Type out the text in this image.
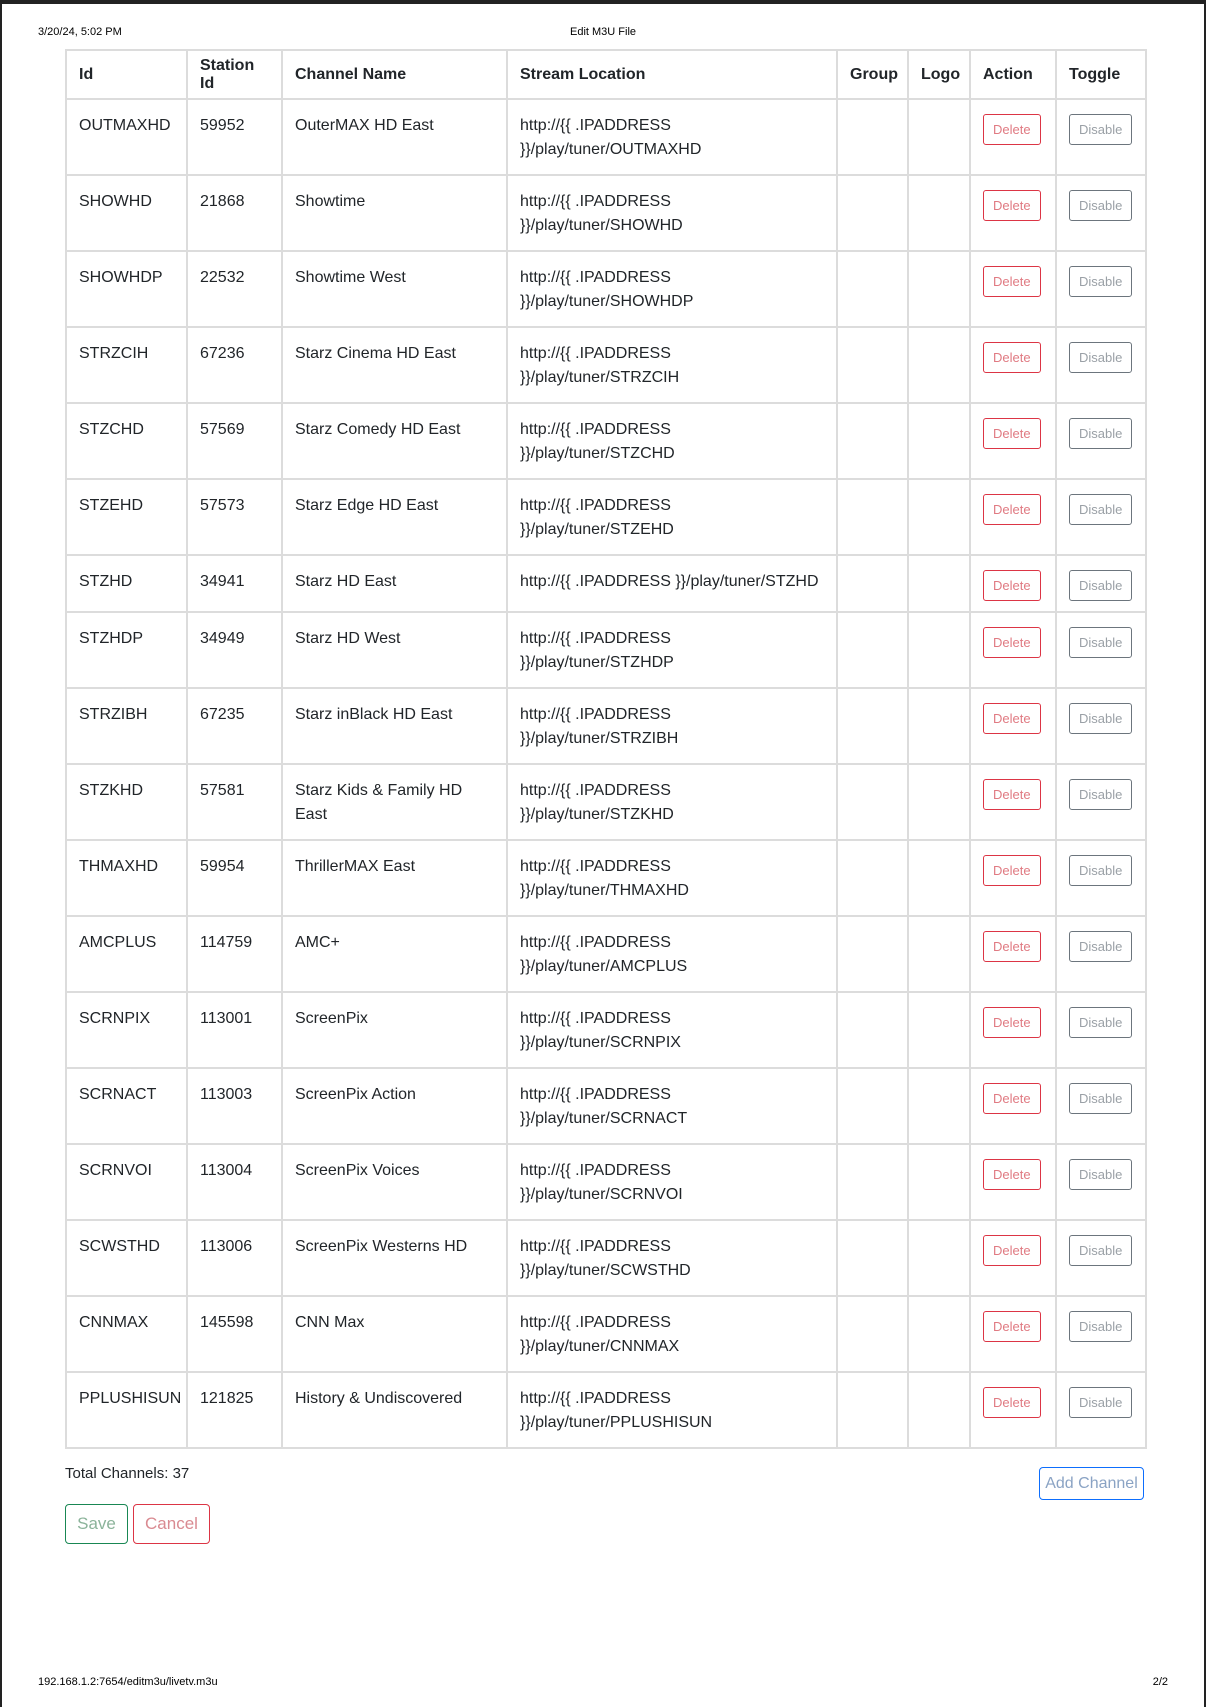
3/20/24, 5:02 PM	Edit M3U File
Id	Station Id	Channel Name	Stream Location	Group	Logo	Action	Toggle
OUTMAXHD	59952	OuterMAX HD East	http://{{ .IPADDRESS }}/play/tuner/OUTMAXHD			Delete	Disable
SHOWHD	21868	Showtime	http://{{ .IPADDRESS }}/play/tuner/SHOWHD			Delete	Disable
SHOWHDP	22532	Showtime West	http://{{ .IPADDRESS }}/play/tuner/SHOWHDP			Delete	Disable
STRZCIH	67236	Starz Cinema HD East	http://{{ .IPADDRESS }}/play/tuner/STRZCIH			Delete	Disable
STZCHD	57569	Starz Comedy HD East	http://{{ .IPADDRESS }}/play/tuner/STZCHD			Delete	Disable
STZEHD	57573	Starz Edge HD East	http://{{ .IPADDRESS }}/play/tuner/STZEHD			Delete	Disable
STZHD	34941	Starz HD East	http://{{ .IPADDRESS }}/play/tuner/STZHD			Delete	Disable
STZHDP	34949	Starz HD West	http://{{ .IPADDRESS }}/play/tuner/STZHDP			Delete	Disable
STRZIBH	67235	Starz inBlack HD East	http://{{ .IPADDRESS }}/play/tuner/STRZIBH			Delete	Disable
STZKHD	57581	Starz Kids & Family HD East	http://{{ .IPADDRESS }}/play/tuner/STZKHD			Delete	Disable
THMAXHD	59954	ThrillerMAX East	http://{{ .IPADDRESS }}/play/tuner/THMAXHD			Delete	Disable
AMCPLUS	114759	AMC+	http://{{ .IPADDRESS }}/play/tuner/AMCPLUS			Delete	Disable
SCRNPIX	113001	ScreenPix	http://{{ .IPADDRESS }}/play/tuner/SCRNPIX			Delete	Disable
SCRNACT	113003	ScreenPix Action	http://{{ .IPADDRESS }}/play/tuner/SCRNACT			Delete	Disable
SCRNVOI	113004	ScreenPix Voices	http://{{ .IPADDRESS }}/play/tuner/SCRNVOI			Delete	Disable
SCWSTHD	113006	ScreenPix Westerns HD	http://{{ .IPADDRESS }}/play/tuner/SCWSTHD			Delete	Disable
CNNMAX	145598	CNN Max	http://{{ .IPADDRESS }}/play/tuner/CNNMAX			Delete	Disable
PPLUSHISUN	121825	History & Undiscovered	http://{{ .IPADDRESS }}/play/tuner/PPLUSHISUN			Delete	Disable
Total Channels: 37
Add Channel
Save	Cancel
192.168.1.2:7654/editm3u/livetv.m3u	2/2
